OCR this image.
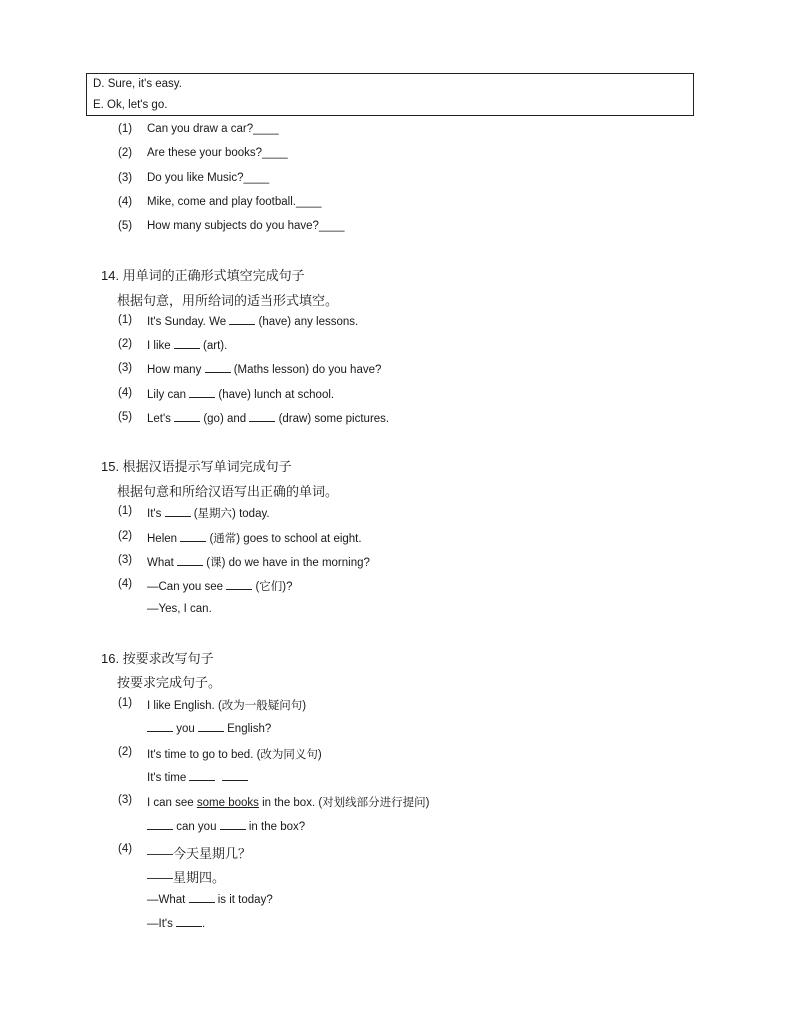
D. Sure, it's easy.
E. Ok, let's go.
(1) Can you draw a car?____
(2) Are these your books?____
(3) Do you like Music?____
(4) Mike, come and play football.____
(5) How many subjects do you have?____
14. 用单词的正确形式填空完成句子
根据句意，用所给词的适当形式填空。
(1) It's Sunday. We  (have) any lessons.
(2) I like  (art).
(3) How many  (Maths lesson) do you have?
(4) Lily can  (have) lunch at school.
(5) Let's  (go) and  (draw) some pictures.
15. 根据汉语提示写单词完成句子
根据句意和所给汉语写出正确的单词。
(1) It's  (星期六) today.
(2) Helen  (通常) goes to school at eight.
(3) What  (课) do we have in the morning?
(4) —Can you see  (它们)?
—Yes, I can.
16. 按要求改写句子
按要求完成句子。
(1) I like English. (改为一般疑问句)
you  English?
(2) It's time to go to bed. (改为同义句)
It's time
(3) I can see some books in the box. (对划线部分进行提问)
can you  in the box?
(4) ——今天星期几？
——星期四。
—What  is it today?
—It's .
